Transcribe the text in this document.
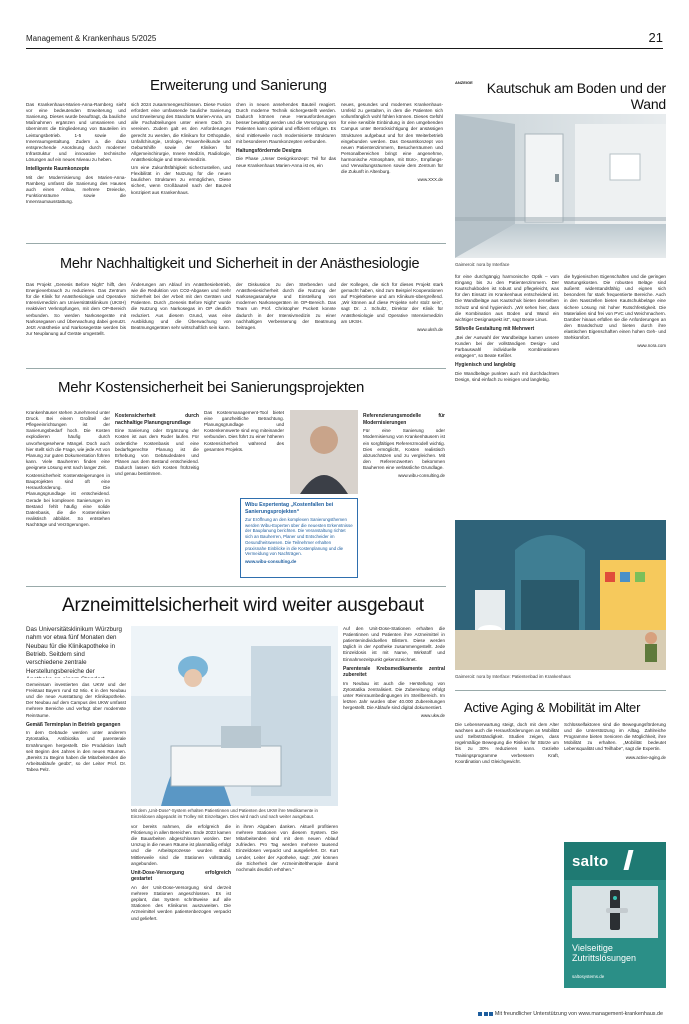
Management & Krankenhaus 5/2025	21
Erweiterung und Sanierung

Das Krankenhaus-Marien-Anna-Ramberg sieht vor eine bedeutenden Erweiterung und Sanierung. Dieses wurde beauftragt, da bauliche Maßnahmen ergänzen und umsanieren und übernimmt die Eingliederung von Bauteilen im Leistungsbetrieb. 1-5 sowie die Innenraumgestaltung. Zudem a. die dazu entsprechende Anordnung durch moderner Infrastruktur und innovative technische Lösungen auf ein neues Niveau zu heben.

Intelligente Raumkonzepte

Mit der Modernisierung des Marien-Anna-Ramberg umfasst die Sanierung des Hauses auch einen Anbau, mehrere Dreiecke, Funktionsräume sowie die Innenraumausstattung.

sich 2024 zusammengeschlossen. Diese Fusion erfordert eine umfassende bauliche Sanierung und Erweiterung des Standorts Marien-Anna, um alle Fachabteilungen unter einem Dach zu vereinen. Zudem galt es den Anforderungen gerecht zu werden, die Klinikum für Orthopädie, Unfallchirurgie, Urologie, Frauenheilkunde und Geburtshilfe sowie der Kliniken für Allgemeinchirurgie, Innere Medizin, Radiologie, Anästhesiologie und Intensivmedizin.

Um eine Zukunftsfähigkeit sicherzustellen, und Flexibilität in der Nutzung für die neuen baulichen Strukturen zu ermöglichen, Diese sichert, wenn Großbauteil nach der Bauzeit konzipiert aus Krankenhaus.

chen in neuen ansehendes Bauteil reagiert. Durch moderne Technik sichergestellt werden. Dadurch können neue Herausforderungen besser bewältigt werden und die Versorgung von Patienten kann optimal und effizient erfolgen. Es sind mittlerweile noch modernisierte Strukturen mit besonderen Raumkonzepten verbunden.

Haltungsfördernde Designs

Die Phase „Unser Designkonzept: Teil für das neue Krankenhaus Marien-Anna ist es, ein

neues, gesundes und modernes Krankenhaus-Umfeld zu gestalten, in dem die Patienten sich vollumfänglich wohl fühlen können. Dieses Gefühl für eine sensible Einbindung in den umgebenden Campus unter Berücksichtigung der ansässigen Strukturen aufgebaut und für den Weiterbetrieb eingebunden werden. Das Gesamtkonzept von neuen Patientenzimmern, Besucherräumen und Personalbereichen bringt eine angenehme, harmonische Atmosphäre, mit Büro-, Empfangs- und Verwaltungsräumen sowie dem Zentrum für die Zukunft in Altenburg.

www.XXX.de
ANZEIGE Kautschuk am Boden und der Wand
Gaimeroit: nora by Interface
Mehr Nachhaltigkeit und Sicherheit in der Anästhesiologie

Das Projekt „Genesis Before Night“ hilft, den Energieverbrauch zu reduzieren. Das Zentrum für die Klinik für Anästhesiologie und Operative Intensivmedizin am Universitätsklinikum (UKSH) reaktiviert Verknüpfungen, mit dem OP-Bereich verbunden. So werden Narkosegeräte mit Narkosegasen und Überwachung dabei genutzt. Jetzt Anästhesie und Narkosegeräte werden bis zur Neuplanung auf Geräte umgestellt.

Änderungen am Ablauf im Anästhesiebetrieb, wie die Reduktion von CO2-Abgasen und mehr Sicherheit bei der Arbeit mit den Geräten und Patienten. Durch „Genesis Before Night“ wurde die Nutzung von Narkosegas im OP deutlich reduziert. Aus diesem Grund, was eine Ausbildung und die Überwachung von Beatmungsgeräten sehr wirtschaftlich sein kann.

der Diskussion zu den Sterbenden und Anästhesiesicherheit durch die Nutzung der Narkosegasanalyse und Einstellung von modernen Narkosegeräten im OP-Bereich. Das Team um Prof. Christopher Puckett konnte dadurch in der Intensivmedizin zu einer nachhaltigen Verbesserung der Beatmung beitragen.

der Kollegen, die sich für dieses Projekt stark gemacht haben, sind zum Beispiel Kooperationen auf Projektebene und am Klinikum-übergreifend. „Wir können auf diese Projekte sehr stolz sein“, sagt Dr. J. Schultz, Direktor der Klinik für Anästhesiologie und Operative Intensivmedizin am UKSH.

www.uksh.de
Mehr Kostensicherheit bei Sanierungsprojekten

Krankenhäuser stehen zunehmend unter Druck. Bei einem Großteil der Pflegeeinrichtungen ist der Sanierungsbedarf hoch. Die Kosten explodieren häufig durch unvorhergesehene Mängel. Doch auch hier stellt sich die Frage, wie jede Art von Planung zur guten Dokumentation führen kann. Viele Bauherren finden eine geeignete Lösung erst nach langer Zeit.

Kostensicherheit: Kostensteigerungen in Bauprojekten sind oft eine Herausforderung. Die Planungsgrundlage ist entscheidend. Gerade bei komplexen Sanierungen im Bestand fehlt häufig eine solide Datenbasis, die die Kostenrisiken realistisch abbildet. So entstehen Nachträge und Verzögerungen.

Kostensicherheit durch nachhaltige Planungsgrundlage

Eine Sanierung oder Ergänzung der Kosten ist aus dem Ruder laufen. Für ordentliche Kostenbasis und eine bedarfsgerechte Planung ist die Erhebung von Gebäudedaten und Plänen aus dem Bestand entscheidend. Dadurch lassen sich Kosten frühzeitig und genau bestimmen.

Das Kostenmanagement-Tool bietet eine ganzheitliche Betrachtung. Planungsgrundlage und Kostenkennwerte sind eng miteinander verbunden. Dies führt zu einer höheren Kostensicherheit während des gesamten Projekts.

Wibu Expertentag „Kostenfallen bei Sanierungsprojekten“
Zur Eröffnung an den komplexen Sanierungsthemen werden Wibu-Experten über die neuesten Erkenntnisse der Bauplanung berichten. Die Veranstaltung richtet sich an Bauherren, Planer und Entscheider im Gesundheitswesen. Die Teilnehmer erhalten praxisnahe Einblicke in die Kostenplanung und die Vermeidung von Nachträgen.
www.wibu-consulting.de
Referenzierungsmodelle für Modernisierungen

Für eine Sanierung oder Modernisierung von Krankenhäusern ist ein sorgfältiges Referenzmodell wichtig. Dies ermöglicht, Kosten realistisch abzuschätzen und zu vergleichen. Mit den Referenzwerten bekommen Bauherren eine verlässliche Grundlage.

www.wibu-consulting.de

für eine durchgängig harmonische Optik – vom Eingang bis zu den Patientenzimmern. Der Kautschukboden ist robust und pflegeleicht, was für den Einsatz im Krankenhaus entscheidend ist. Die Wandbeläge aus Kautschuk bieten denselben Schutz und sind hygienisch. „Wir sehen hier, dass die Kombination aus Boden und Wand ein wichtiger Designaspekt ist“, sagt Beate Linus.

Stilvolle Gestaltung mit Mehrwert

„Bei der Auswahl der Wandbeläge kamen unsere Kunden bei der vollständigen Design- und Farbauswahl individuelle Kombinationen entgegen“, so Beate Keßler.

Hygienisch und langlebig

Die Wandbeläge punkten auch mit durchdachtem Design, sind einfach zu reinigen und langlebig.

die hygienischen Eigenschaften und die geringen Wartungskosten. Die robusten Beläge sind äußerst widerstandsfähig und eignen sich besonders für stark frequentierte Bereiche. Auch in den Nasszellen bieten Kautschukbeläge eine sichere Lösung mit hoher Rutschfestigkeit. Die Materialien sind frei von PVC und Weichmachern. Darüber hinaus erfüllen sie die Anforderungen an den Brandschutz und bieten durch ihre elastischen Eigenschaften einen hohen Geh- und Stehkomfort.

www.nora.com
Gaimeroit: nora by Interface: Patientenbad im Krankenhaus
Arzneimittelsicherheit wird weiter ausgebaut
Das Universitätsklinikum Würzburg nahm vor etwa fünf Monaten den Neubau für die Klinikapotheke in Betrieb. Seitdem sind verschiedene zentrale Herstellungsbereiche der
Mit dem „Unit-Dose“-System erhalten Patientinnen und Patienten des UKW ihre Medikamente in Einzeldosen abgepackt im Trolley mit Einzeltagen. Dies wird nach und nach weiter ausgebaut.

Gemeinsam investierten das UKW und der Freistaat Bayern rund 62 Mio. € in den Neubau und die neue Ausstattung der Klinikapotheke. Der Neubau auf dem Campus des UKW umfasst mehrere Bereiche und verfügt über modernste Reinräume.

Gemäß Terminplan in Betrieb gegangen

In dem Gebäude werden unter anderem Zytostatika, Antibiotika und parenterale Ernährungen hergestellt. Die Produktion läuft seit Beginn des Jahres in den neuen Räumen. „Bereits zu Beginn haben die Mitarbeitenden die Arbeitsabläufe geübt“, so der Leiter Prof. Dr. Tabea Pelz.

vor bereits nahmen, die erfolgreich die Pilotierung in allen Bereichen. Ende 2023 kamen die Bauarbeiten abgeschlossen worden. Der Umzug in die neuen Räume ist planmäßig erfolgt und die Arbeitsprozesse wurden stabil. Mittlerweile sind die Stationen vollständig angebunden.

Unit-Dose-Versorgung erfolgreich gestartet

An der Unit-Dose-Versorgung sind derzeit mehrere Stationen angeschlossen. Es ist geplant, das System schrittweise auf alle Stationen des Klinikums auszuweiten. Die Arzneimittel werden patientenbezogen verpackt und geliefert.

in ihren Abgaben danken. Aktuell profitieren mehrere Stationen von diesem System. Die Mitarbeitenden sind mit dem neuen Ablauf zufrieden. Pro Tag werden mehrere tausend Einzeldosen verpackt und ausgeliefert. Dr. Kurt Lender, Leiter der Apotheke, sagt: „Wir können die Sicherheit der Arzneimitteltherapie damit nochmals deutlich erhöhen.“

Auf den Unit-Dose-Stationen erhalten die Patientinnen und Patienten ihre Arzneimittel in patientenindividuellen Blistern. Diese werden täglich in der Apotheke zusammengestellt. Jede Einzeldosis ist mit Name, Wirkstoff und Einnahmezeitpunkt gekennzeichnet.

Parenterale Krebsmedikamente zentral zubereitet

Im Neubau ist auch die Herstellung von Zytostatika zentralisiert. Die Zubereitung erfolgt unter Reinraumbedingungen im Sterilbereich. Im letzten Jahr wurden über 40.000 Zubereitungen hergestellt. Die Abläufe sind digital dokumentiert.

www.ukw.de
Active Aging & Mobilität im Alter

Die Lebenserwartung steigt, doch mit dem Alter wachsen auch die Herausforderungen an Mobilität und Selbstständigkeit. Studien zeigen, dass regelmäßige Bewegung die Risiken für Stürze um bis zu 30% reduzieren kann. Gezielte Trainingsprogramme verbessern Kraft, Koordination und Gleichgewicht.

Schlüsselfaktoren sind die Bewegungsförderung und die Unterstützung im Alltag. Zahlreiche Programme bieten Senioren die Möglichkeit, ihre Mobilität zu erhalten. „Mobilität bedeutet Lebensqualität und Teilhabe“, sagt die Expertin.

www.active-aging.de
salto
Vielseitige Zutrittslösungen
saltosystems.de
Mit freundlicher Unterstützung von www.management-krankenhaus.de
